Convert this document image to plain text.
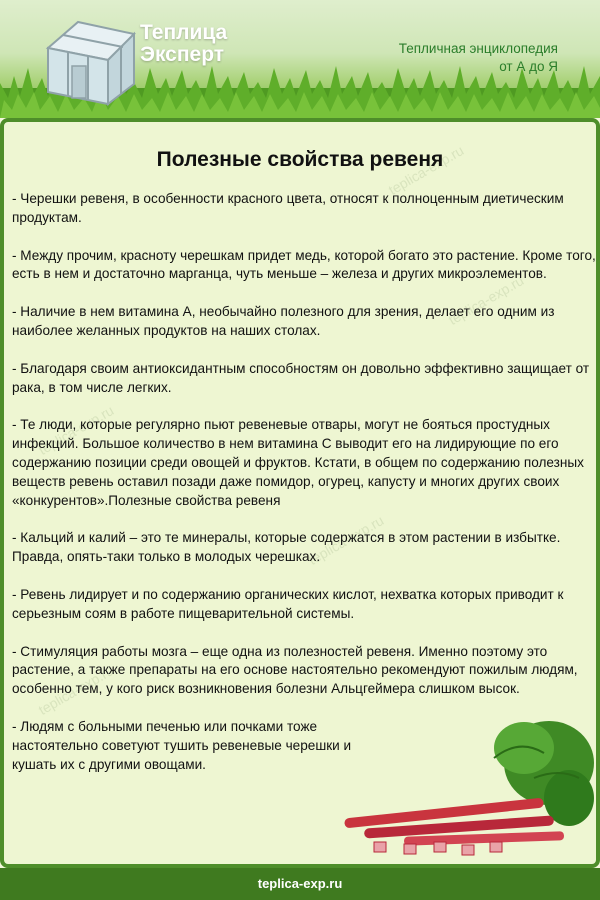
Теплица
Эксперт	Тепличная энциклопедия
от А до Я
teplica-exp.ru
teplica-exp.ru
teplica-exp.ru
teplica-exp.ru
teplica-exp.ru
Полезные свойства ревеня

- Черешки ревеня, в особенности красного цвета, относят к полноценным диетическим продуктам.

- Между прочим, красноту черешкам придет медь, которой богато это растение. Кроме того, есть в нем и достаточно марганца, чуть меньше – железа и других микроэлементов.

- Наличие в нем витамина А, необычайно полезного для зрения, делает его одним из наиболее желанных продуктов на наших столах.

- Благодаря своим антиоксидантным способностям он довольно эффективно защищает от рака, в том числе легких.

- Те люди, которые регулярно пьют ревеневые отвары, могут не бояться простудных инфекций. Большое количество в нем витамина С выводит его на лидирующие по его содержанию позиции среди овощей и фруктов. Кстати, в общем по содержанию полезных веществ ревень оставил позади даже помидор, огурец, капусту и многих других своих «конкурентов».Полезные свойства ревеня

- Кальций и калий – это те минералы, которые содержатся в этом растении в избытке. Правда, опять-таки только в молодых черешках.

- Ревень лидирует и по содержанию органических кислот, нехватка которых приводит к серьезным соям в работе пищеварительной системы.

- Стимуляция работы мозга – еще одна из полезностей ревеня. Именно поэтому это растение, а также препараты на его основе настоятельно рекомендуют пожилым людям, особенно тем, у кого риск возникновения болезни Альцгеймера слишком высок.

- Людям с больными печенью или почками тоже настоятельно советуют тушить ревеневые черешки и кушать их с другими овощами.

teplica-exp.ru
